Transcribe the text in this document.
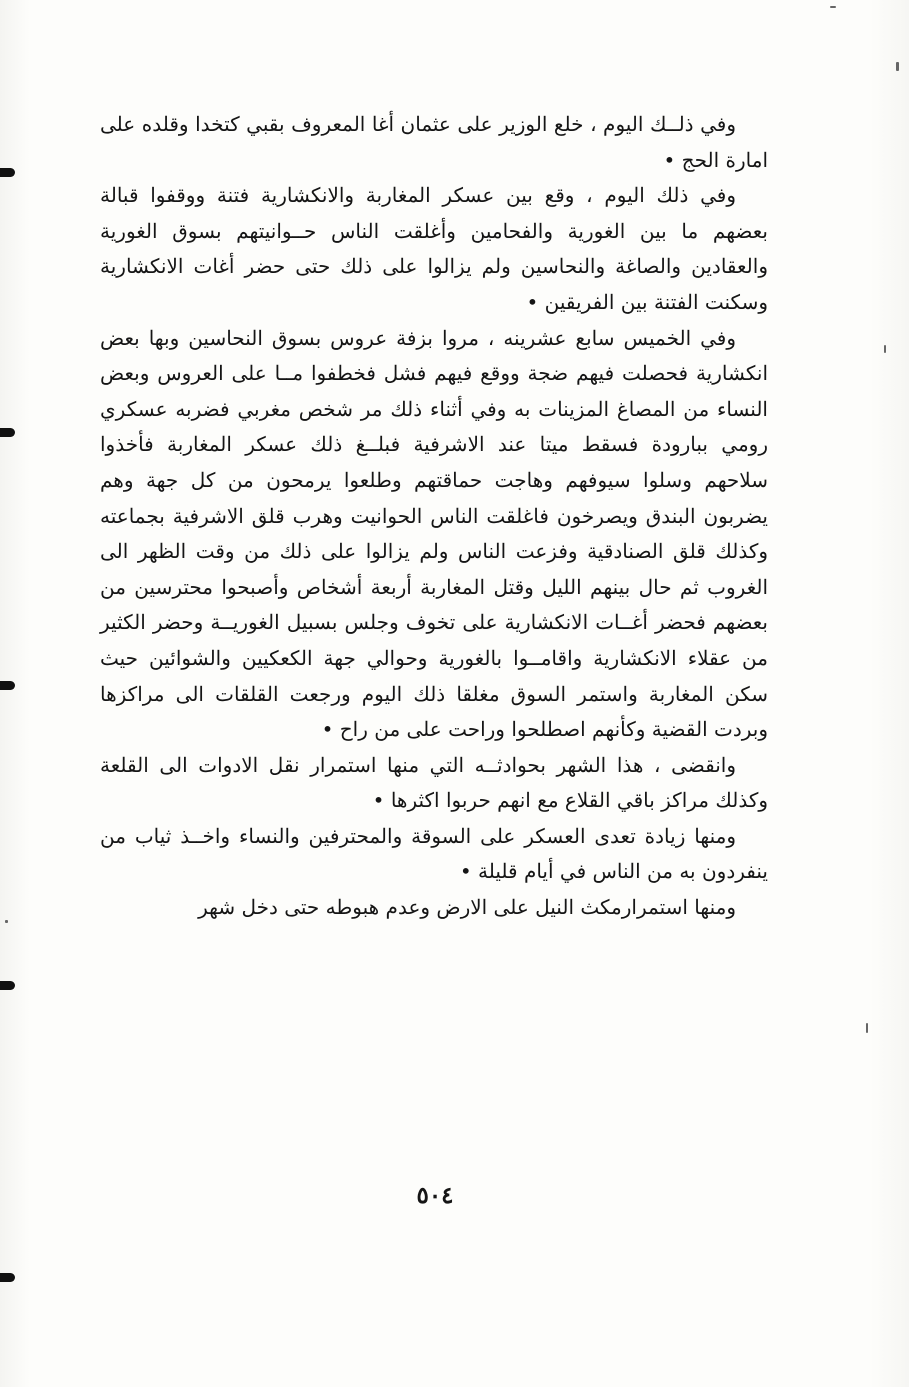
وفي ذلــك اليوم ، خلع الوزير على عثمان أغا المعروف بقبي كتخدا وقلده على امارة الحج •

وفي ذلك اليوم ، وقع بين عسكر المغاربة والانكشارية فتنة ووقفوا قبالة بعضهم ما بين الغورية والفحامين وأغلقت الناس حــوانيتهم بسوق الغورية والعقادين والصاغة والنحاسين ولم يزالوا على ذلك حتى حضر أغات الانكشارية وسكنت الفتنة بين الفريقين •

وفي الخميس سابع عشرينه ، مروا بزفة عروس بسوق النحاسين وبها بعض انكشارية فحصلت فيهم ضجة ووقع فيهم فشل فخطفوا مــا على العروس وبعض النساء من المصاغ المزينات به وفي أثناء ذلك مر شخص مغربي فضربه عسكري رومي ببارودة فسقط ميتا عند الاشرفية فبلــغ ذلك عسكر المغاربة فأخذوا سلاحهم وسلوا سيوفهم وهاجت حماقتهم وطلعوا يرمحون من كل جهة وهم يضربون البندق ويصرخون فاغلقت الناس الحوانيت وهرب قلق الاشرفية بجماعته وكذلك قلق الصنادقية وفزعت الناس ولم يزالوا على ذلك من وقت الظهر الى الغروب ثم حال بينهم الليل وقتل المغاربة أربعة أشخاص وأصبحوا محترسين من بعضهم فحضر أغــات الانكشارية على تخوف وجلس بسبيل الغوريــة وحضر الكثير من عقلاء الانكشارية واقامــوا بالغورية وحوالي جهة الكعكيين والشوائين حيث سكن المغاربة واستمر السوق مغلقا ذلك اليوم ورجعت القلقات الى مراكزها وبردت القضية وكأنهم اصطلحوا وراحت على من راح •

وانقضى ، هذا الشهر بحوادثــه التي منها استمرار نقل الادوات الى القلعة وكذلك مراكز باقي القلاع مع انهم حربوا اكثرها •

ومنها زيادة تعدى العسكر على السوقة والمحترفين والنساء واخــذ ثياب من ينفردون به من الناس في أيام قليلة •

ومنها استمرارمكث النيل على الارض وعدم هبوطه حتى دخل شهر

٥٠٤
